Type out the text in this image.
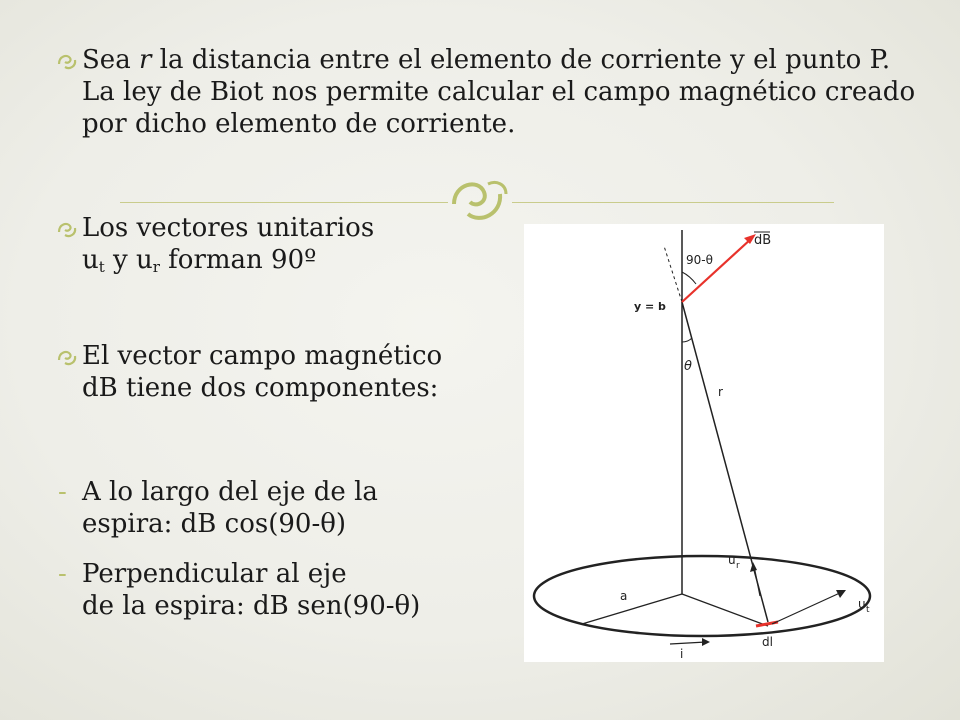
Sea r la distancia entre el elemento de corriente y el punto P. La ley de Biot nos permite calcular el campo magnético creado por dicho elemento de corriente.
Los vectores unitarios
$u_t$ y $u_r$ forman 90º
El vector campo magnético
dB tiene dos componentes:
- A lo largo del eje de la
espira: dB cos(90-θ)
- Perpendicular al eje
de la espira: dB sen(90-θ)
dB
90-θ
y = b
θ
r
u r
u t
a
dl
i
